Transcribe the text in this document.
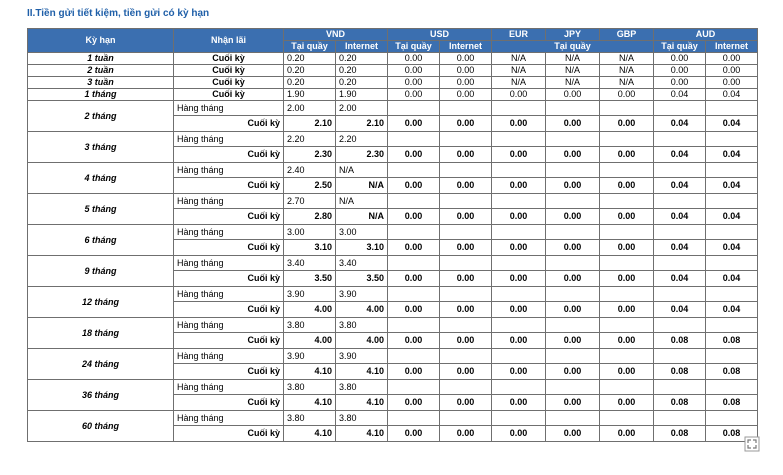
II.Tiền gửi tiết kiệm, tiền gửi có kỳ hạn
Kỳ hạn	Nhận lãi	VND		USD		EUR	JPY	GBP	AUD	
		Tại quầy	Internet	Tại quầy	Internet	Tại quầy			Tại quầy	Internet
1 tuần	Cuối kỳ	0.20	0.20	0.00	0.00	N/A	N/A	N/A	0.00	0.00
2 tuần	Cuối kỳ	0.20	0.20	0.00	0.00	N/A	N/A	N/A	0.00	0.00
3 tuần	Cuối kỳ	0.20	0.20	0.00	0.00	N/A	N/A	N/A	0.00	0.00
1 tháng	Cuối kỳ	1.90	1.90	0.00	0.00	0.00	0.00	0.00	0.04	0.04
2 tháng	Hàng tháng	2.00	2.00							
	Cuối kỳ	2.10	2.10	0.00	0.00	0.00	0.00	0.00	0.04	0.04
3 tháng	Hàng tháng	2.20	2.20							
	Cuối kỳ	2.30	2.30	0.00	0.00	0.00	0.00	0.00	0.04	0.04
4 tháng	Hàng tháng	2.40	N/A							
	Cuối kỳ	2.50	N/A	0.00	0.00	0.00	0.00	0.00	0.04	0.04
5 tháng	Hàng tháng	2.70	N/A							
	Cuối kỳ	2.80	N/A	0.00	0.00	0.00	0.00	0.00	0.04	0.04
6 tháng	Hàng tháng	3.00	3.00							
	Cuối kỳ	3.10	3.10	0.00	0.00	0.00	0.00	0.00	0.04	0.04
9 tháng	Hàng tháng	3.40	3.40							
	Cuối kỳ	3.50	3.50	0.00	0.00	0.00	0.00	0.00	0.04	0.04
12 tháng	Hàng tháng	3.90	3.90							
	Cuối kỳ	4.00	4.00	0.00	0.00	0.00	0.00	0.00	0.04	0.04
18 tháng	Hàng tháng	3.80	3.80							
	Cuối kỳ	4.00	4.00	0.00	0.00	0.00	0.00	0.00	0.08	0.08
24 tháng	Hàng tháng	3.90	3.90							
	Cuối kỳ	4.10	4.10	0.00	0.00	0.00	0.00	0.00	0.08	0.08
36 tháng	Hàng tháng	3.80	3.80							
	Cuối kỳ	4.10	4.10	0.00	0.00	0.00	0.00	0.00	0.08	0.08
60 tháng	Hàng tháng	3.80	3.80							
	Cuối kỳ	4.10	4.10	0.00	0.00	0.00	0.00	0.00	0.08	0.08
